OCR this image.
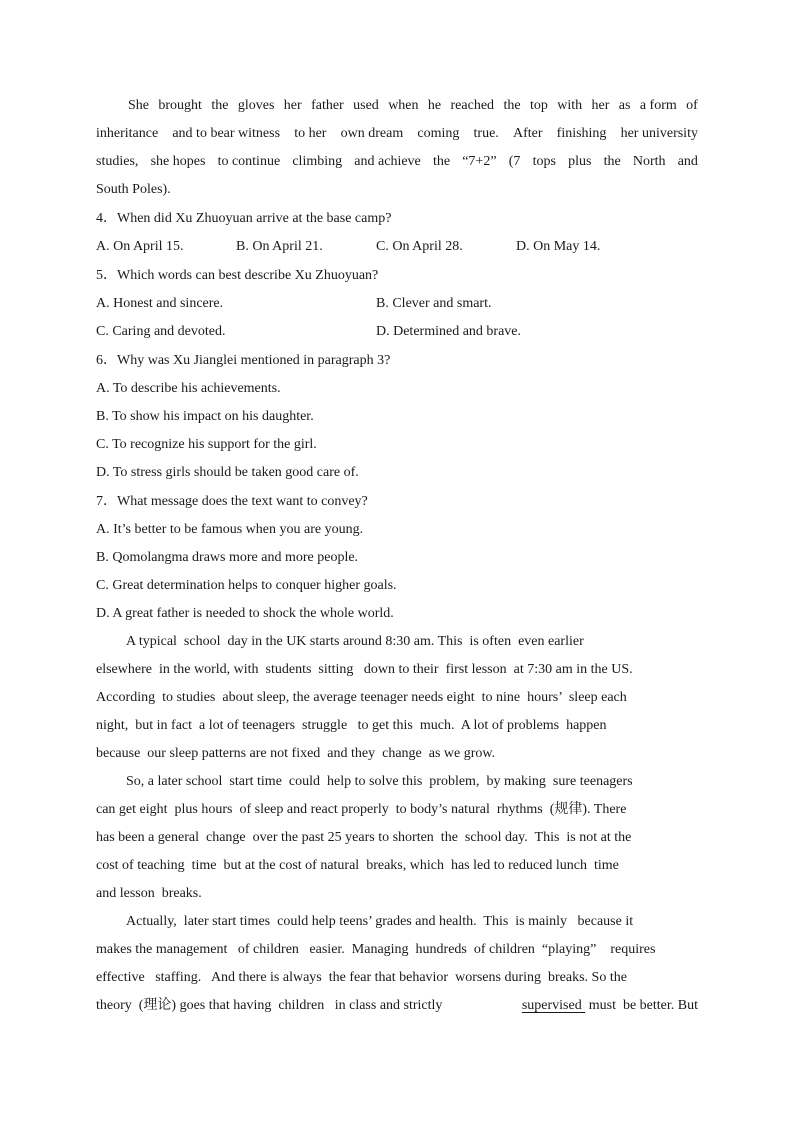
She brought the gloves her father used when he reached the top with her as a form of
inheritance and to bear witness to her own dream coming true. After finishing her university
studies, she hopes to continue climbing and achieve the “7+2” (7 tops plus the North and
South Poles).
4．When did Xu Zhuoyuan arrive at the base camp?
A. On April 15.	B. On April 21.	C. On April 28.	D. On May 14.
5．Which words can best describe Xu Zhuoyuan?
A. Honest and sincere.	B. Clever and smart.
C. Caring and devoted.	D. Determined and brave.
6．Why was Xu Jianglei mentioned in paragraph 3?
A. To describe his achievements.
B. To show his impact on his daughter.
C. To recognize his support for the girl.
D. To stress girls should be taken good care of.
7．What message does the text want to convey?
A. It’s better to be famous when you are young.
B. Qomolangma draws more and more people.
C. Great determination helps to conquer higher goals.
D. A great father is needed to shock the whole world.
A typical  school  day in the UK starts around 8:30 am. This  is often  even earlier
elsewhere  in the world, with  students  sitting   down to their  first lesson  at 7:30 am in the US.
According  to studies  about sleep, the average teenager needs eight  to nine  hours’  sleep each
night,  but in fact  a lot of teenagers  struggle   to get this  much.  A lot of problems  happen
because  our sleep patterns are not fixed  and they  change  as we grow.
So, a later school  start time  could  help to solve this  problem,  by making  sure teenagers
can get eight  plus hours  of sleep and react properly  to body’s natural  rhythms  (规律). There
has been a general  change  over the past 25 years to shorten  the  school day.  This  is not at the
cost of teaching  time  but at the cost of natural  breaks, which  has led to reduced lunch  time
and lesson  breaks.
Actually,  later start times  could help teens’ grades and health.  This  is mainly   because it
makes the management   of children   easier.  Managing  hundreds  of children  “playing”    requires
effective   staffing.   And there is always  the fear that behavior  worsens during  breaks. So the
theory  (理论) goes that having  children   in class and strictly	supervised  must  be better. But
